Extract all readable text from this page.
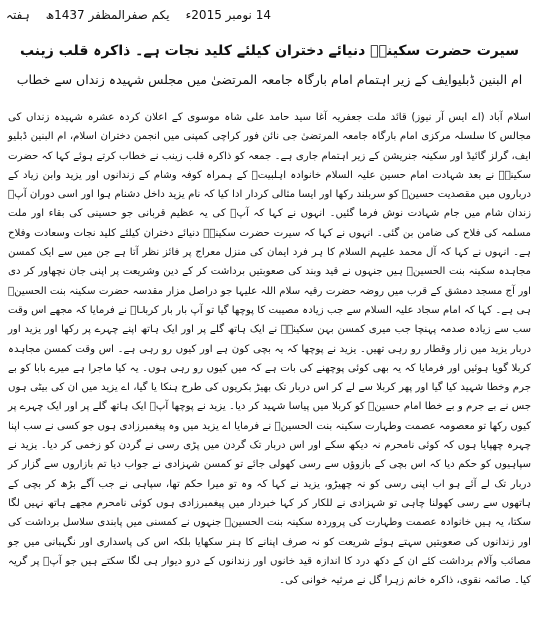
ہفتہ یکم صفرالمظفر 1437ھ 14 نومبر 2015ء
سیرت حضرت سکینہؑ دنیائے دختران کیلئے کلید نجات ہے۔ ذاکرہ قلب زینب
ام البنین ڈبلیوایف کے زیر اہتمام امام بارگاہ جامعہ المرتضیٰ میں مجلس شہیدہ زنداں سے خطاب

اسلام آباد (اے ایس آر نیوز) قائد ملت جعفریہ آغا سید حامد علی شاہ موسوی کے اعلان کردہ عشرہ شہیدہ زنداں کی مجالس کا سلسلہ مرکزی امام بارگاہ جامعہ المرتضیٰ جی نائن فور کراچی کمپنی میں انجمن دختران اسلام، ام البنین ڈبلیو ایف، گرلز گائیڈ اور سکینہ جنریشن کے زیر اہتمام جاری ہے۔ جمعہ کو ذاکرہ قلب زینب نے خطاب کرتے ہوئے کہا کہ حضرت سکینہؑ نے بعد شہادت امام حسین علیہ السلام خانوادہ اہلبیتؑ کے ہمراہ کوفہ وشام کے زندانوں اور یزید وابن زیاد کے درباروں میں مقصدیت حسینؑ کو سربلند رکھا اور ایسا مثالی کردار ادا کیا کہ نام یزید داخل دشنام ہوا اور اسی دوران آپؑ زندان شام میں جام شہادت نوش فرما گئیں۔ انہوں نے کہا کہ آپؑ کی یہ عظیم قربانی جو حسینی کی بقاء اور ملت مسلمہ کی فلاح کی ضامن بن گئی۔ انہوں نے کہا کہ سیرت حضرت سکینہؑ دنیائے دختران کیلئے کلید نجات وسعادت وفلاح ہے۔ انہوں نے کہا کہ آل محمد علیہم السلام کا ہر فرد ایمان کی منزل معراج پر فائز نظر آتا ہے جن میں سے ایک کمسن مجاہدہ سکینہ بنت الحسینؑ ہیں جنہوں نے قید وبند کی صعوبتیں برداشت کر کے دین وشریعت پر اپنی جان نچھاور کر دی اور آج مسجد دمشق کے قرب میں روضہ حضرت رقیہ سلام اللہ علیہا جو دراصل مزار مقدسہ حضرت سکینہ بنت الحسینؑ ہی ہے۔ کہا کہ امام سجاد علیہ السلام سے جب زیادہ مصیبت کا پوچھا گیا تو آپ بار بار کربلاؑ نے فرمایا کہ مجھے اس وقت سب سے زیادہ صدمہ پہنچا جب میری کمسن بہن سکینہؑ نے ایک ہاتھ گلے پر اور ایک ہاتھ اپنے چہرے پر رکھا اور یزید اور دربار یزید میں زار وقطار رو رہی تھیں۔ یزید نے پوچھا کہ یہ بچی کون ہے اور کیوں رو رہی ہے۔ اس وقت کمسن مجاہدہ کربلا گویا ہوئیں اور فرمایا کہ یہ بھی کوئی پوچھنے کی بات ہے کہ میں کیوں رو رہی ہوں۔ یہ کیا ماجرا ہے میرے بابا کو بے جرم وخطا شہید کیا گیا اور پھر کربلا سے لے کر اس دربار تک بھیڑ بکریوں کی طرح ہنکا یا گیا، اے یزید میں ان کی بیٹی ہوں جس نے بے جرم و بے خطا امام حسینؑ کو کربلا میں پیاسا شہید کر دیا۔ یزید نے پوچھا آپؑ ایک ہاتھ گلے پر اور ایک چہرے پر کیوں رکھا تو معصومہ عصمت وطہارت سکینہ بنت الحسینؑ نے فرمایا اے یزید میں وہ پیغمبرزادی ہوں جو کسی نے سب اپنا چہرہ چھپایا ہوں کہ کوئی نامحرم نہ دیکھ سکے اور اس دربار تک گردن میں پڑی رسی نے گردن کو زخمی کر دیا۔ یزید نے سپاہیوں کو حکم دیا کہ اس بچی کے بازوؤں سے رسی کھولی جائے تو کمسن شہزادی نے جواب دیا تم بازاروں سے گزار کر دربار تک لے آئے ہو اب اپنی رسی کو نہ چھیڑو، یزید نے کہا کہ وہ تو میرا حکم تھا، سپاہی نے جب آگے بڑھ کر بچی کے ہاتھوں سے رسی کھولنا چاہی تو شہزادی نے للکار کر کہا خبردار میں پیغمبرزادی ہوں کوئی نامحرم مجھے ہاتھ نہیں لگا سکتا، یہ ہیں خانوادہ عصمت وطہارت کی پروردہ سکینہ بنت الحسینؑ جنہوں نے کمسنی میں پابندی سلاسل برداشت کی اور زندانوں کی صعوبتیں سہتے ہوئے شریعت کو نہ صرف اپنانے کا ہنر سکھایا بلکہ اس کی پاسداری اور نگہبانی میں جو مصائب وآلام برداشت کئے ان کے دکھ درد کا اندازہ قید خانوں اور زندانوں کے درو دیوار ہی لگا سکتے ہیں جو آپؑ پر گریہ کیا۔ صائمہ نقوی، ذاکرہ خانم زہرا گل نے مرثیہ خوانی کی۔
